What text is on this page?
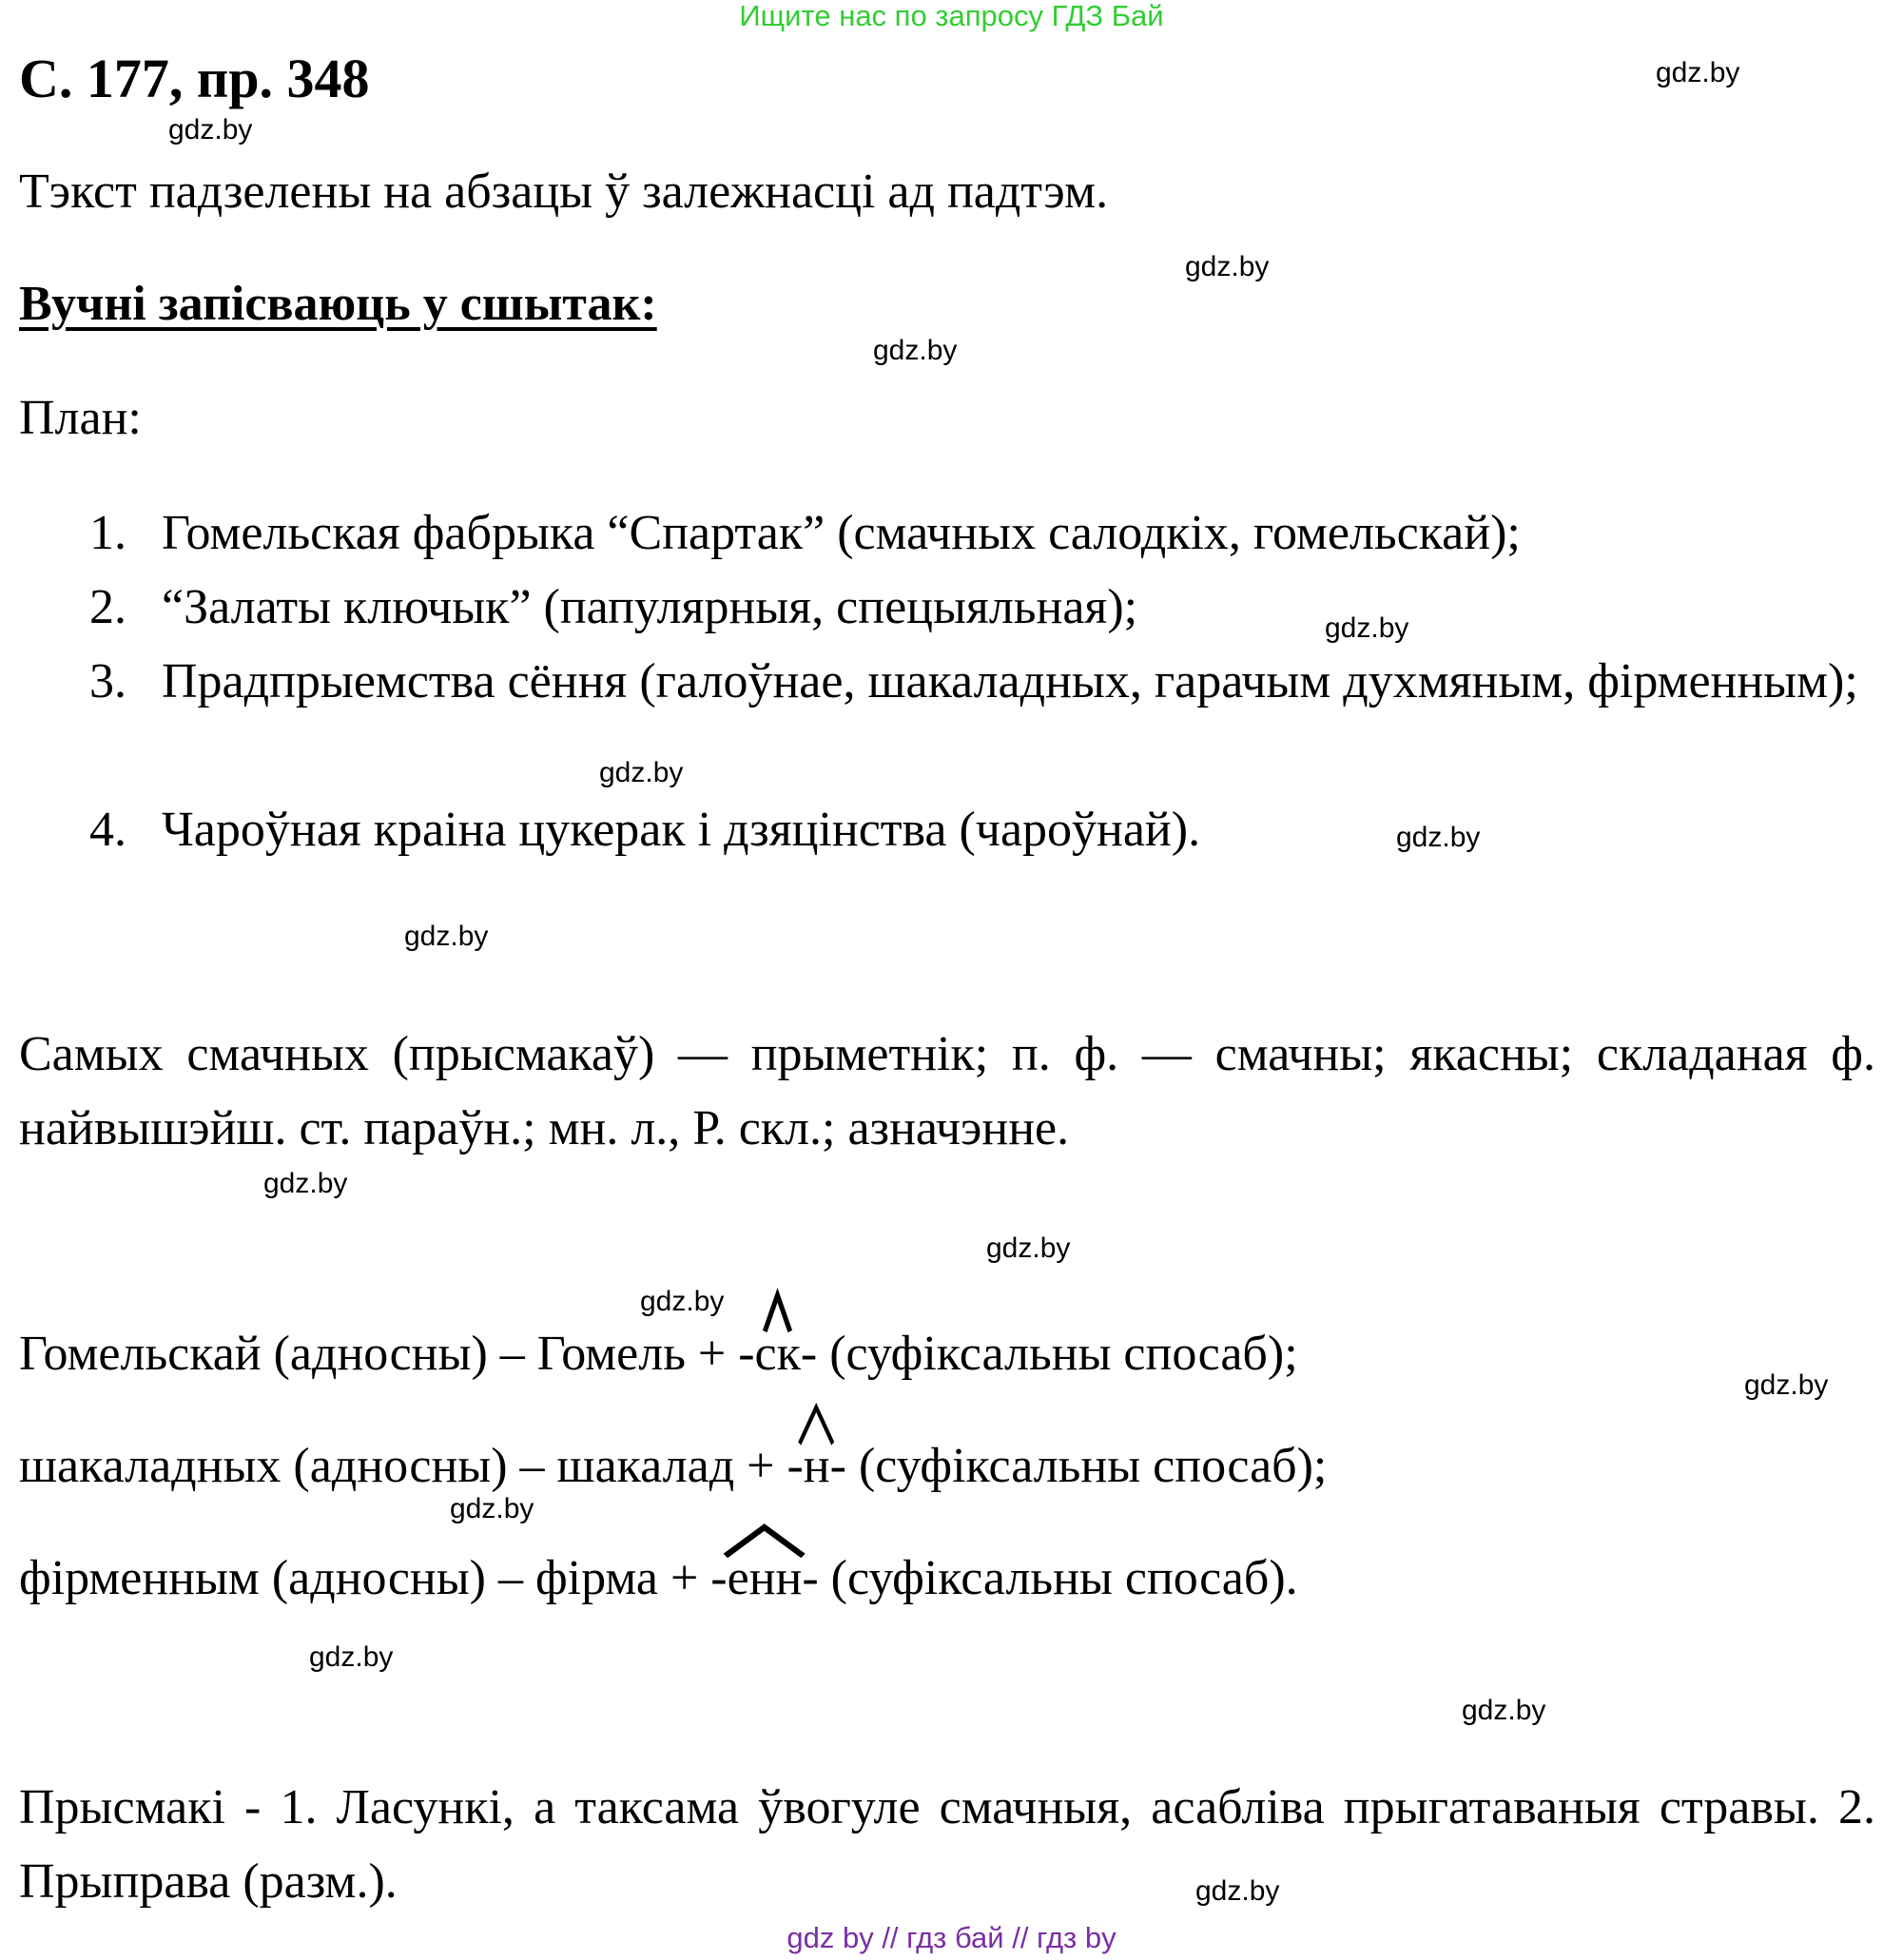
Ищите нас по запросу ГДЗ Бай
С. 177, пр. 348
Тэкст падзелены на абзацы ў залежнасці ад падтэм.
Вучні запісваюць у сшытак:
План:
1. Гомельская фабрыка “Спартак” (смачных салодкіх, гомельскай);
2. “Залаты ключык” (папулярныя, спецыяльная);
3. Прадпрыемства сёння (галоўнае, шакаладных, гарачым духмяным, фірменным);
4. Чароўная краіна цукерак і дзяцінства (чароўнай).
Самых смачных (прысмакаў) — прыметнік; п. ф. — смачны; якасны; складаная ф. найвышэйш. ст. параўн.; мн. л., Р. скл.; азначэнне.
Гомельскай (адносны) – Гомель +
-ск- (суфіксальны спосаб);
шакаладных (адносны) – шакалад +
-н- (суфіксальны спосаб);
фірменным (адносны) – фірма +
-енн- (суфіксальны спосаб).
Прысмакі - 1. Ласункі, а таксама ўвогуле смачныя, асабліва прыгатаваныя стравы. 2. Прыправа (разм.).
gdz.by
gdz.by
gdz.by
gdz.by
gdz.by
gdz.by
gdz.by
gdz.by
gdz.by
gdz.by
gdz.by
gdz.by
gdz.by
gdz.by
gdz.by
gdz.by
gdz by // гдз бай // гдз by
